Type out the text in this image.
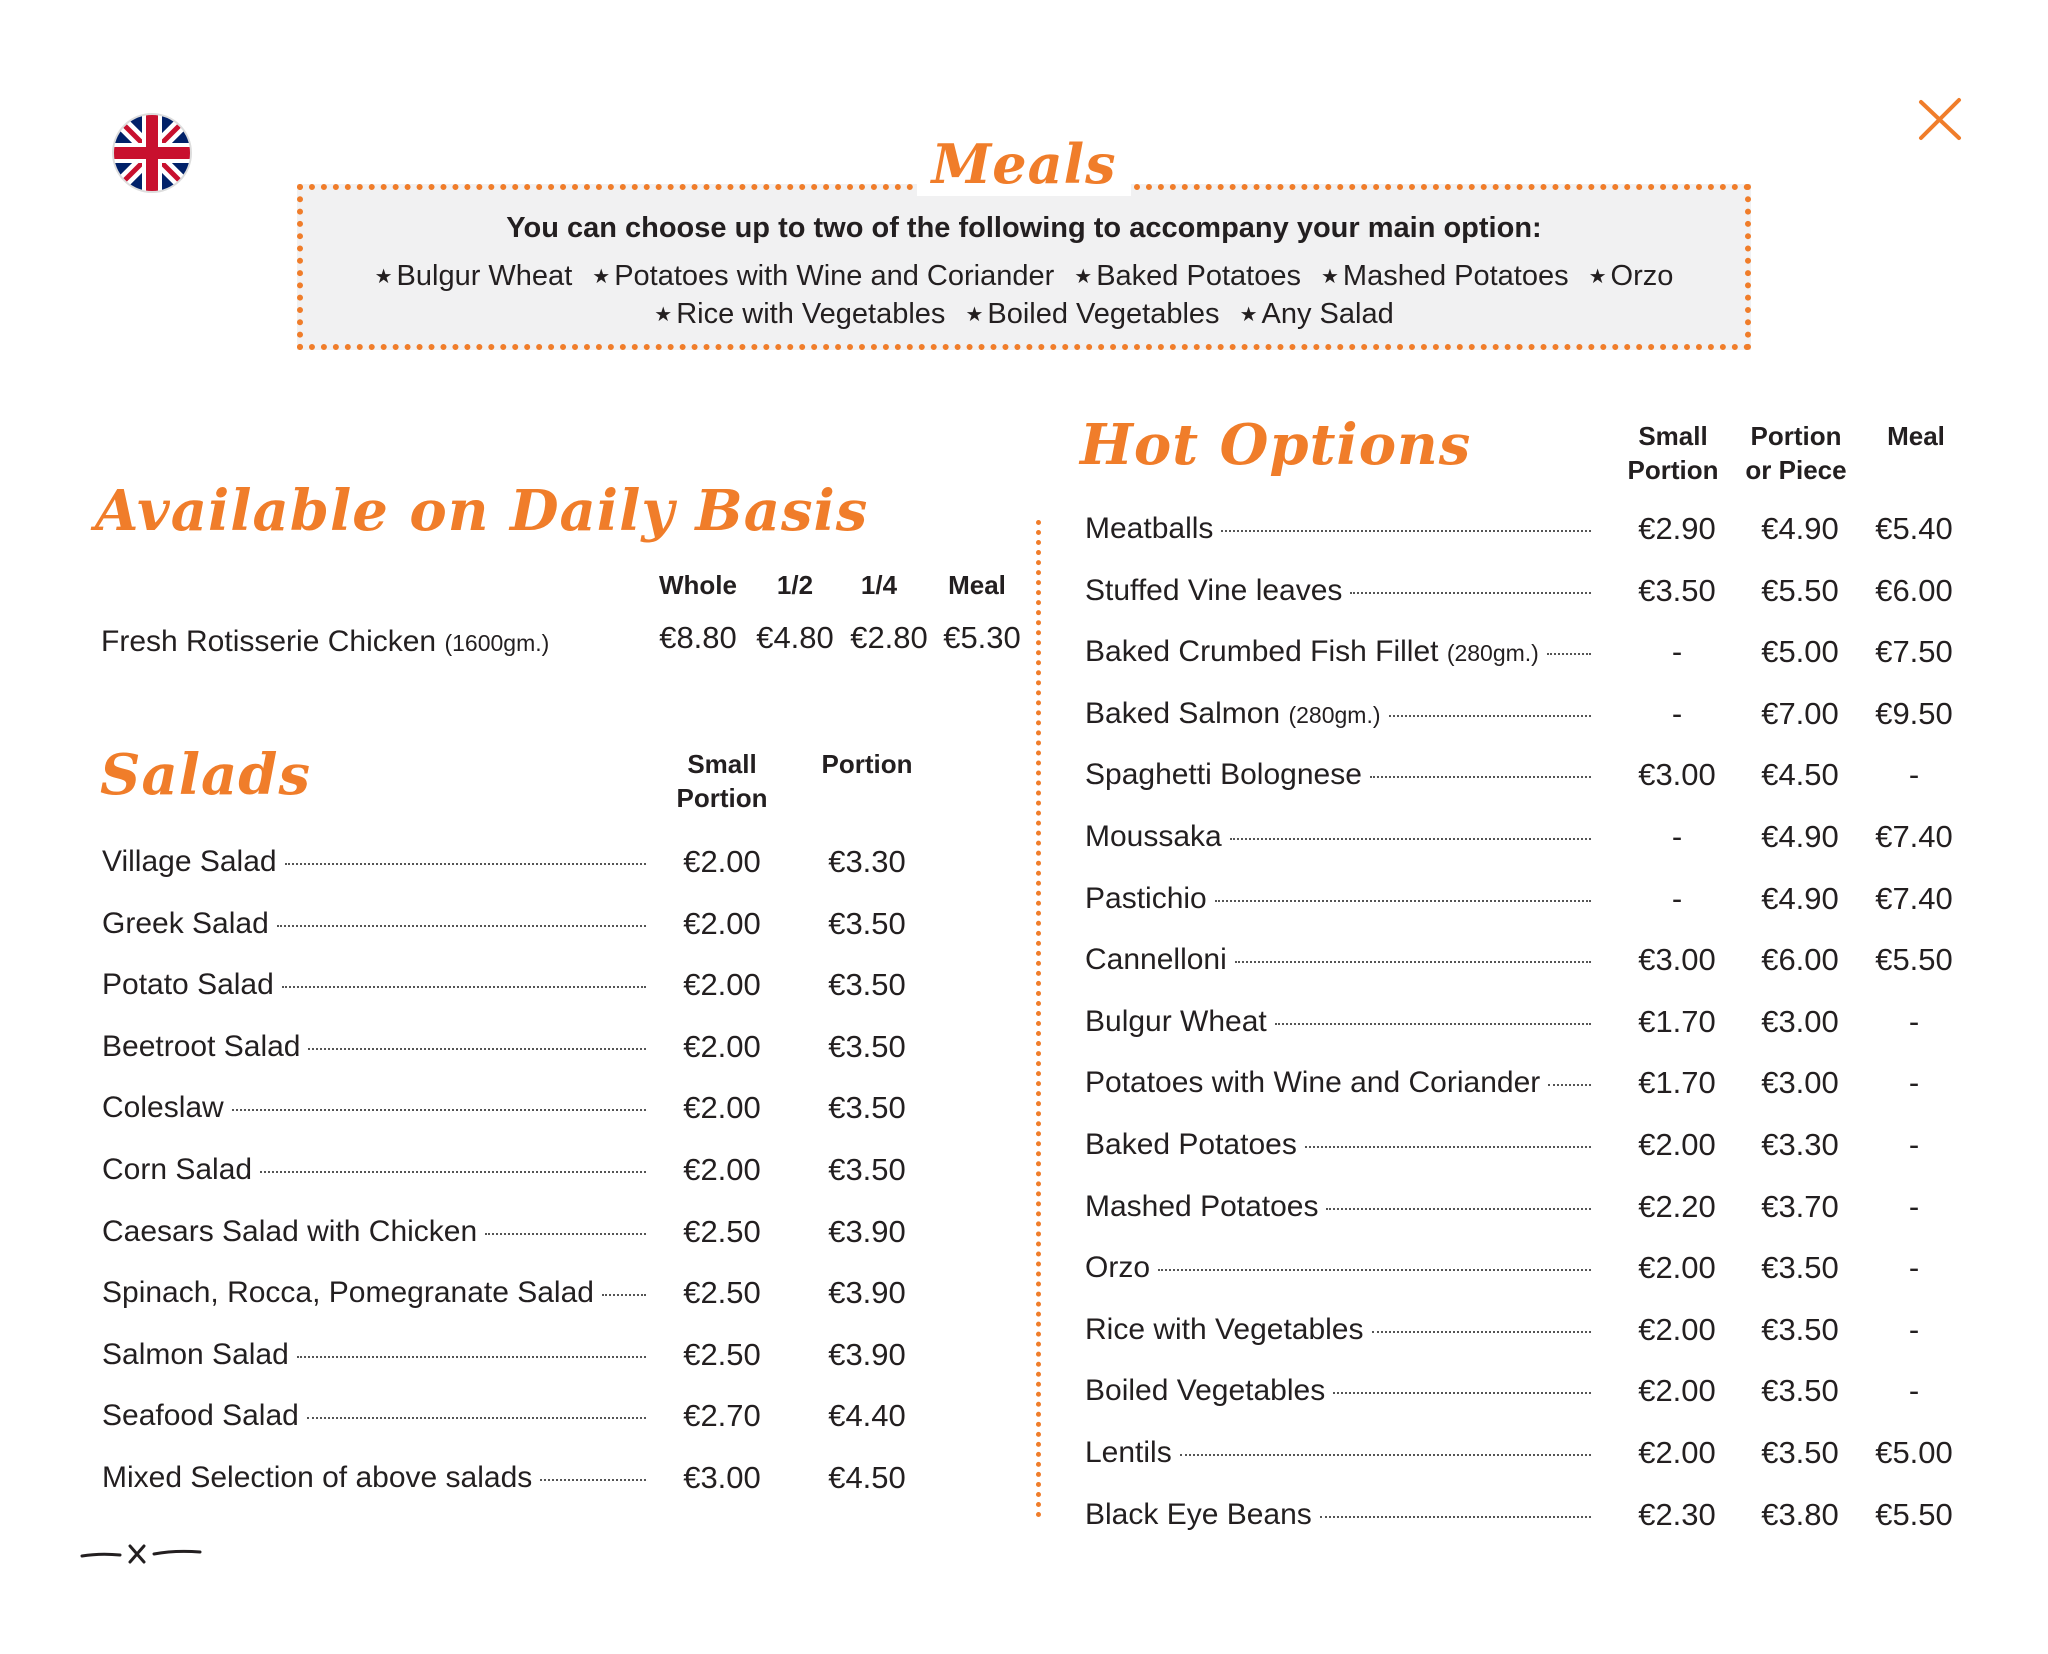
You can choose up to two of the following to accompany your main option:
★ Bulgur Wheat ★ Potatoes with Wine and Coriander ★ Baked Potatoes ★ Mashed Potatoes ★ Orzo
★ Rice with Vegetables ★ Boiled Vegetables ★ Any Salad
Meals
Available on Daily Basis
Whole	1/2	1/4	Meal
Fresh Rotisserie Chicken (1600gm.)	€8.80 €4.80 €2.80 €5.30
Salads	Small
Portion
Portion
Village Salad	€2.00	€3.30
Greek Salad	€2.00	€3.50
Potato Salad	€2.00	€3.50
Beetroot Salad	€2.00	€3.50
Coleslaw	€2.00	€3.50
Corn Salad	€2.00	€3.50
Caesars Salad with Chicken	€2.50	€3.90
Spinach, Rocca, Pomegranate Salad	€2.50	€3.90
Salmon Salad	€2.50	€3.90
Seafood Salad	€2.70	€4.40
Mixed Selection of above salads	€3.00	€4.50
Hot Options	Small
Portion
Portion
or Piece
Meal
Meatballs	€2.90	€4.90	€5.40
Stuffed Vine leaves	€3.50	€5.50	€6.00
Baked Crumbed Fish Fillet (280gm.)	-	€5.00	€7.50
Baked Salmon (280gm.)	-	€7.00	€9.50
Spaghetti Bolognese	€3.00	€4.50	-
Moussaka	-	€4.90	€7.40
Pastichio	-	€4.90	€7.40
Cannelloni	€3.00	€6.00	€5.50
Bulgur Wheat	€1.70	€3.00	-
Potatoes with Wine and Coriander	€1.70	€3.00	-
Baked Potatoes	€2.00	€3.30	-
Mashed Potatoes	€2.20	€3.70	-
Orzo	€2.00	€3.50	-
Rice with Vegetables	€2.00	€3.50	-
Boiled Vegetables	€2.00	€3.50	-
Lentils	€2.00	€3.50	€5.00
Black Eye Beans	€2.30	€3.80	€5.50
